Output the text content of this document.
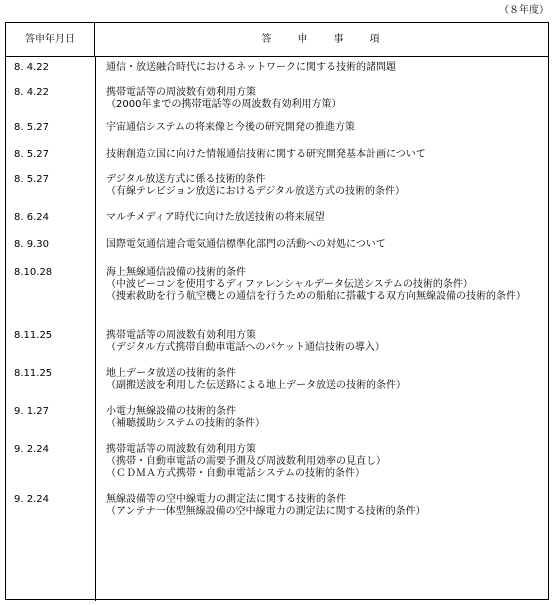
（８年度）
答申年月日	答　　申　　事　　項
8. 4.22	通信・放送融合時代におけるネットワークに関する技術的諸問題
8. 4.22	携帯電話等の周波数有効利用方策
（2000年までの携帯電話等の周波数有効利用方策）
8. 5.27	宇宙通信システムの将来像と今後の研究開発の推進方策
8. 5.27	技術創造立国に向けた情報通信技術に関する研究開発基本計画について
8. 5.27	デジタル放送方式に係る技術的条件
（有線テレビジョン放送におけるデジタル放送方式の技術的条件）
8. 6.24	マルチメディア時代に向けた放送技術の将来展望
8. 9.30	国際電気通信連合電気通信標準化部門の活動への対処について
8.10.28	海上無線通信設備の技術的条件
（中波ビーコンを使用するディファレンシャルデータ伝送システムの技術的条件）
（捜索救助を行う航空機との通信を行うための船舶に搭載する双方向無線設備の技術的条件）
8.11.25	携帯電話等の周波数有効利用方策
（デジタル方式携帯自動車電話へのパケット通信技術の導入）
8.11.25	地上データ放送の技術的条件
（副搬送波を利用した伝送路による地上データ放送の技術的条件）
9. 1.27	小電力無線設備の技術的条件
（補聴援助システムの技術的条件）
9. 2.24	携帯電話等の周波数有効利用方策
（携帯・自動車電話の需要予測及び周波数利用効率の見直し）
（ＣＤＭＡ方式携帯・自動車電話システムの技術的条件）
9. 2.24	無線設備等の空中線電力の測定法に関する技術的条件
（アンテナ一体型無線設備の空中線電力の測定法に関する技術的条件）
